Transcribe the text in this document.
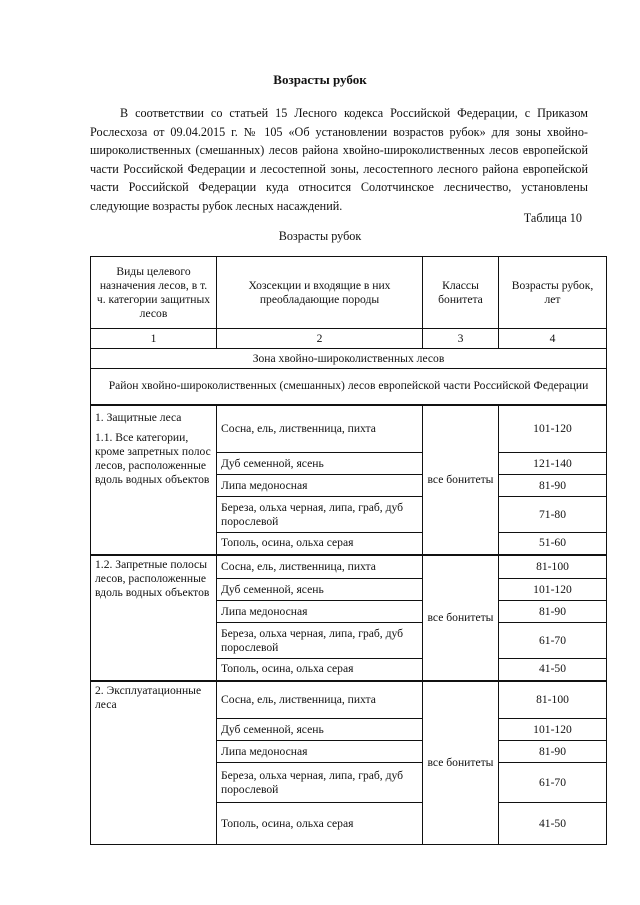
Возрасты рубок
В соответствии со статьей 15 Лесного кодекса Российской Федерации, с Приказом Рослесхоза от 09.04.2015 г. № 105 «Об установлении возрастов рубок» для зоны хвойно-широколиственных (смешанных) лесов района хвойно-широколиственных лесов европейской части Российской Федерации и лесостепной зоны, лесостепного лесного района европейской части Российской Федерации куда относится Солотчинское лесничество, установлены следующие возрасты рубок лесных насаждений.
Таблица 10
Возрасты рубок
Виды целевого назначения лесов, в т. ч. категории защитных лесов	Хозсекции и входящие в них преобладающие породы	Классы бонитета	Возрасты рубок, лет
1	2	3	4
Зона хвойно-широколиственных лесов			
Район хвойно-широколиственных (смешанных) лесов европейской части Российской Федерации			

1. Защитные леса
1.1. Все категории, кроме запретных полос лесов, расположенные вдоль водных объектов	Сосна, ель, лиственница, пихта	все бонитеты	101-120
	Дуб семенной, ясень		121-140
	Липа медоносная		81-90
	Береза, ольха черная, липа, граб, дуб порослевой		71-80
	Тополь, осина, ольха серая		51-60
1.2. Запретные полосы лесов, расположенные вдоль водных объектов	Сосна, ель, лиственница, пихта	все бонитеты	81-100
	Дуб семенной, ясень		101-120
	Липа медоносная		81-90
	Береза, ольха черная, липа, граб, дуб порослевой		61-70
	Тополь, осина, ольха серая		41-50
2. Эксплуатационные леса	Сосна, ель, лиственница, пихта	все бонитеты	81-100
	Дуб семенной, ясень		101-120
	Липа медоносная		81-90
	Береза, ольха черная, липа, граб, дуб порослевой		61-70
	Тополь, осина, ольха серая		41-50
